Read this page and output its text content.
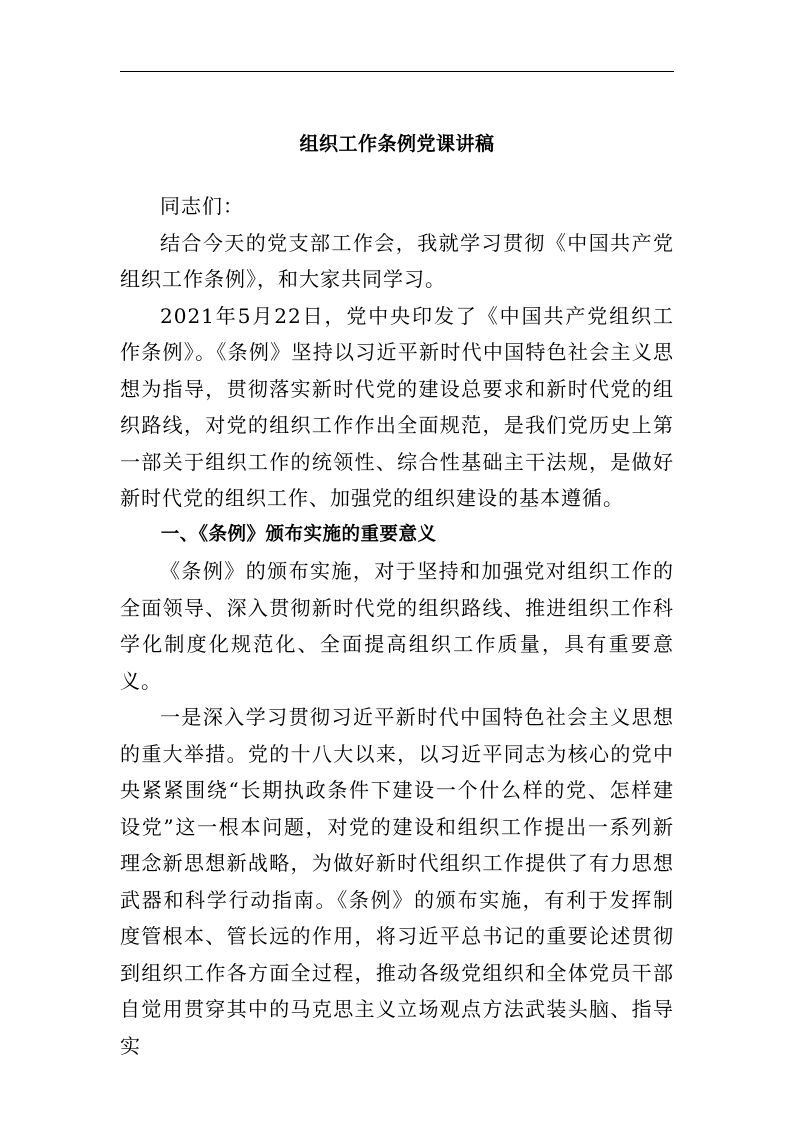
组织工作条例党课讲稿

同志们：

结合今天的党支部工作会，我就学习贯彻《中国共产党组织工作条例》，和大家共同学习。

2021年5月22日，党中央印发了《中国共产党组织工作条例》。《条例》坚持以习近平新时代中国特色社会主义思想为指导，贯彻落实新时代党的建设总要求和新时代党的组织路线，对党的组织工作作出全面规范，是我们党历史上第一部关于组织工作的统领性、综合性基础主干法规，是做好新时代党的组织工作、加强党的组织建设的基本遵循。

一、《条例》颁布实施的重要意义

《条例》的颁布实施，对于坚持和加强党对组织工作的全面领导、深入贯彻新时代党的组织路线、推进组织工作科学化制度化规范化、全面提高组织工作质量，具有重要意义。

一是深入学习贯彻习近平新时代中国特色社会主义思想的重大举措。党的十八大以来，以习近平同志为核心的党中央紧紧围绕“长期执政条件下建设一个什么样的党、怎样建设党”这一根本问题，对党的建设和组织工作提出一系列新理念新思想新战略，为做好新时代组织工作提供了有力思想武器和科学行动指南。《条例》的颁布实施，有利于发挥制度管根本、管长远的作用，将习近平总书记的重要论述贯彻到组织工作各方面全过程，推动各级党组织和全体党员干部自觉用贯穿其中的马克思主义立场观点方法武装头脑、指导实
